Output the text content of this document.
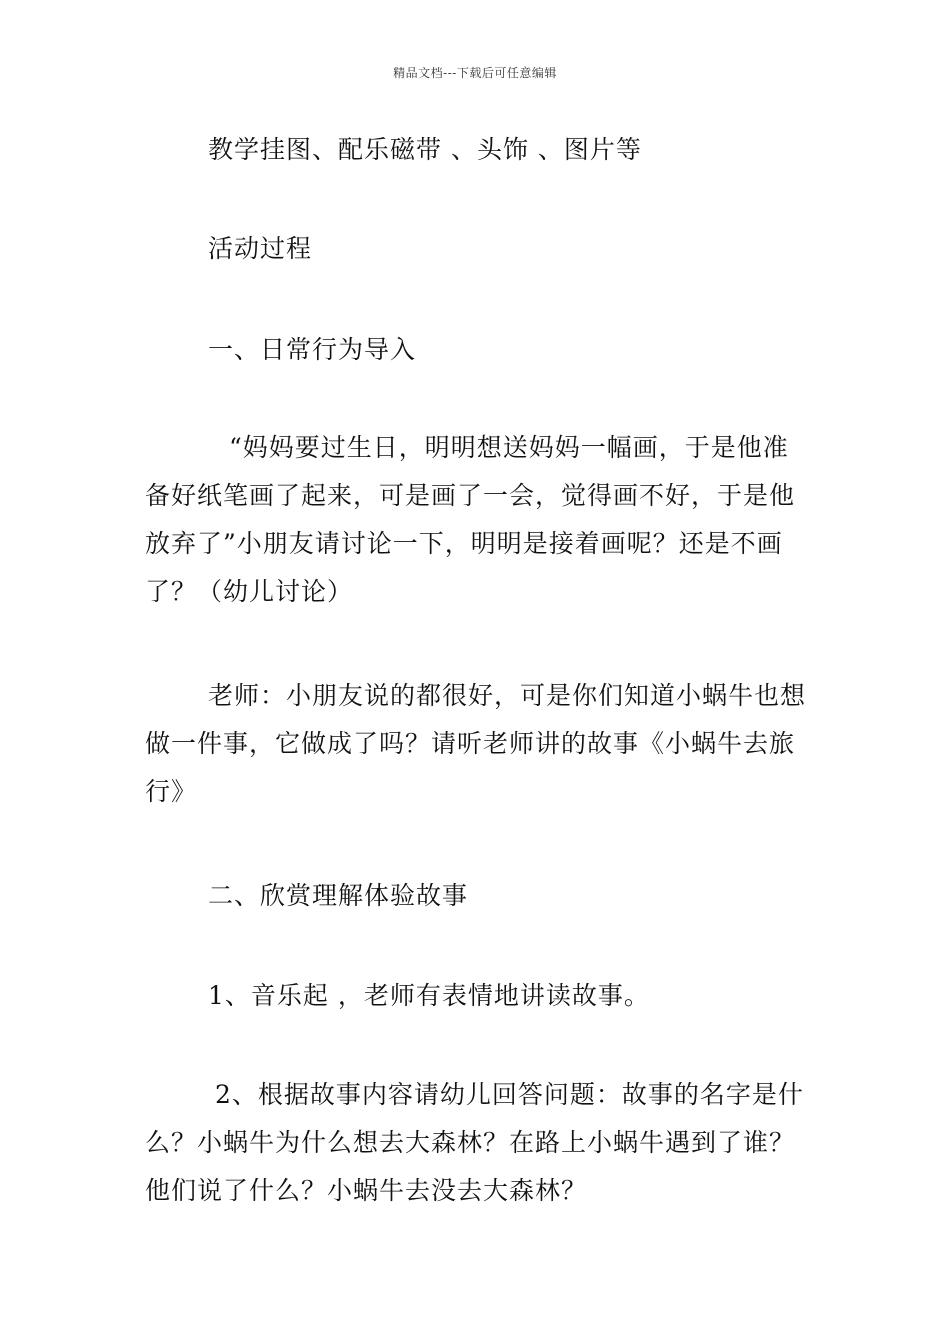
精品文档---下载后可任意编辑
教学挂图、配乐磁带 、头饰 、图片等
活动过程
一、日常行为导入
“妈妈要过生日，明明想送妈妈一幅画，于是他准
备好纸笔画了起来，可是画了一会，觉得画不好，于是他
放弃了”小朋友请讨论一下，明明是接着画呢？还是不画
了？（幼儿讨论）
老师：小朋友说的都很好，可是你们知道小蜗牛也想
做一件事，它做成了吗？请听老师讲的故事《小蜗牛去旅
行》
二、欣赏理解体验故事
1、音乐起 ，老师有表情地讲读故事。
2、根据故事内容请幼儿回答问题：故事的名字是什
么？小蜗牛为什么想去大森林？在路上小蜗牛遇到了谁？
他们说了什么？小蜗牛去没去大森林？
